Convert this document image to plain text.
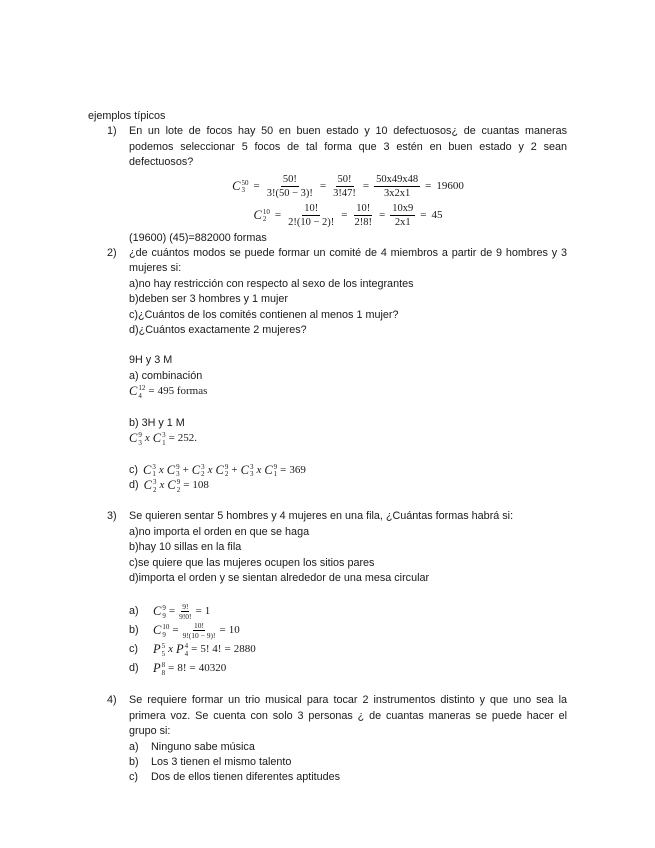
ejemplos típicos
1)	En un lote de focos hay 50 en buen estado y 10 defectuosos¿ de cuantas maneras podemos seleccionar 5 focos de tal forma que 3 estén en buen estado y 2 sean defectuosos?
C 50
$3 = \frac{50!}{3!(50 - 3)!} = \frac{50!}{3!47!} = \frac{50x49x48}{3x2x1} = 19600$
C 10
$2 = \frac{10!}{2!(10 - 2)!} = \frac{10!}{2!8!} = \frac{10x9}{2x1} = 45$
(19600) (45)=882000 formas
2)	¿de cuántos modos se puede formar un comité de 4 miembros a partir de 9 hombres y 3 mujeres si:
a)no hay restricción con respecto al sexo de los integrantes
b)deben ser 3 hombres y 1 mujer
c)¿Cuántos de los comités contienen al menos 1 mujer?
d)¿Cuántos exactamente 2 mujeres?
9H y 3 M
a) combinación
C 12
4 = 495 formas
b) 3H y 1 M
C 9
3 x C 3
1 = 252.
c) C 3
1 x C 9
3 + C 3
2 x C 9
2 + C 3
3 x C 9
1 = 369
d) C 3
2 x C 9
2 = 108
3)	Se quieren sentar 5 hombres y 4 mujeres en una fila, ¿Cuántas formas habrá si:
a)no importa el orden en que se haga
b)hay 10 sillas en la fila
c)se quiere que las mujeres ocupen los sitios pares
d)importa el orden y se sientan alrededor de una mesa circular
a)	C 9
$9 = \frac{9!}{9!0!} = 1$
b)	C 10
$9 = \frac{10!}{9!(10 - 9)!} = 10$
c)	P 5
5 x P 4
4 = 5! 4! = 2880
d)	P 8
8 = 8! = 40320
4)	Se requiere formar un trio musical para tocar 2 instrumentos distinto y que uno sea la primera voz. Se cuenta con solo 3 personas ¿ de cuantas maneras se puede hacer el grupo si:
a)	Ninguno sabe música
b)	Los 3 tienen el mismo talento
c)	Dos de ellos tienen diferentes aptitudes
